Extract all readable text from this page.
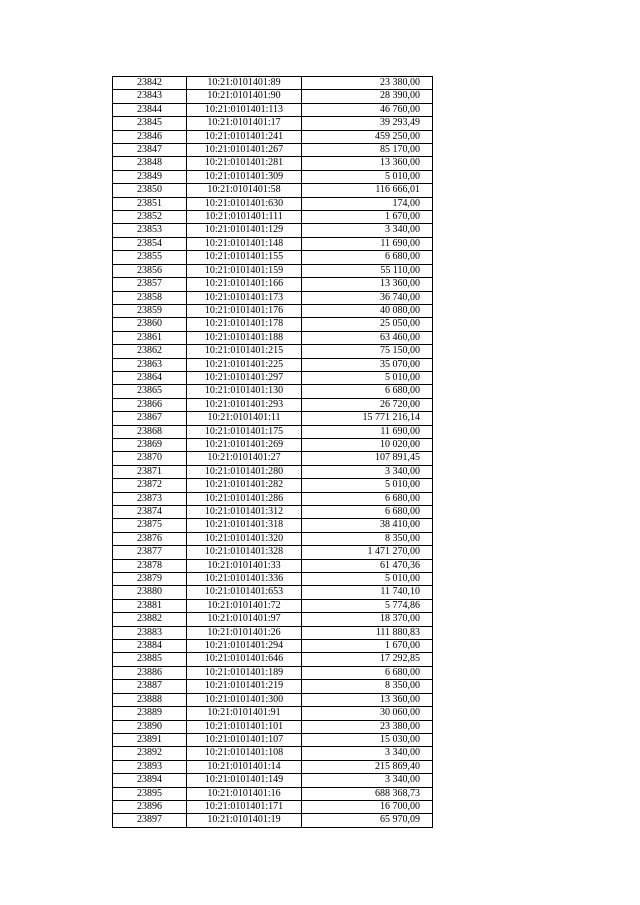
23842	10:21:0101401:89	23 380,00
23843	10:21:0101401:90	28 390,00
23844	10:21:0101401:113	46 760,00
23845	10:21:0101401:17	39 293,49
23846	10:21:0101401:241	459 250,00
23847	10:21:0101401:267	85 170,00
23848	10:21:0101401:281	13 360,00
23849	10:21:0101401:309	5 010,00
23850	10:21:0101401:58	116 666,01
23851	10:21:0101401:630	174,00
23852	10:21:0101401:111	1 670,00
23853	10:21:0101401:129	3 340,00
23854	10:21:0101401:148	11 690,00
23855	10:21:0101401:155	6 680,00
23856	10:21:0101401:159	55 110,00
23857	10:21:0101401:166	13 360,00
23858	10:21:0101401:173	36 740,00
23859	10:21:0101401:176	40 080,00
23860	10:21:0101401:178	25 050,00
23861	10:21:0101401:188	63 460,00
23862	10:21:0101401:215	75 150,00
23863	10:21:0101401:225	35 070,00
23864	10:21:0101401:297	5 010,00
23865	10:21:0101401:130	6 680,00
23866	10:21:0101401:293	26 720,00
23867	10:21:0101401:11	15 771 216,14
23868	10:21:0101401:175	11 690,00
23869	10:21:0101401:269	10 020,00
23870	10:21:0101401:27	107 891,45
23871	10:21:0101401:280	3 340,00
23872	10:21:0101401:282	5 010,00
23873	10:21:0101401:286	6 680,00
23874	10:21:0101401:312	6 680,00
23875	10:21:0101401:318	38 410,00
23876	10:21:0101401:320	8 350,00
23877	10:21:0101401:328	1 471 270,00
23878	10:21:0101401:33	61 470,36
23879	10:21:0101401:336	5 010,00
23880	10:21:0101401:653	11 740,10
23881	10:21:0101401:72	5 774,86
23882	10:21:0101401:97	18 370,00
23883	10:21:0101401:26	111 880,83
23884	10:21:0101401:294	1 670,00
23885	10:21:0101401:646	17 292,85
23886	10:21:0101401:189	6 680,00
23887	10:21:0101401:219	8 350,00
23888	10:21:0101401:300	13 360,00
23889	10:21:0101401:91	30 060,00
23890	10:21:0101401:101	23 380,00
23891	10:21:0101401:107	15 030,00
23892	10:21:0101401:108	3 340,00
23893	10:21:0101401:14	215 869,40
23894	10:21:0101401:149	3 340,00
23895	10:21:0101401:16	688 368,73
23896	10:21:0101401:171	16 700,00
23897	10:21:0101401:19	65 970,09
